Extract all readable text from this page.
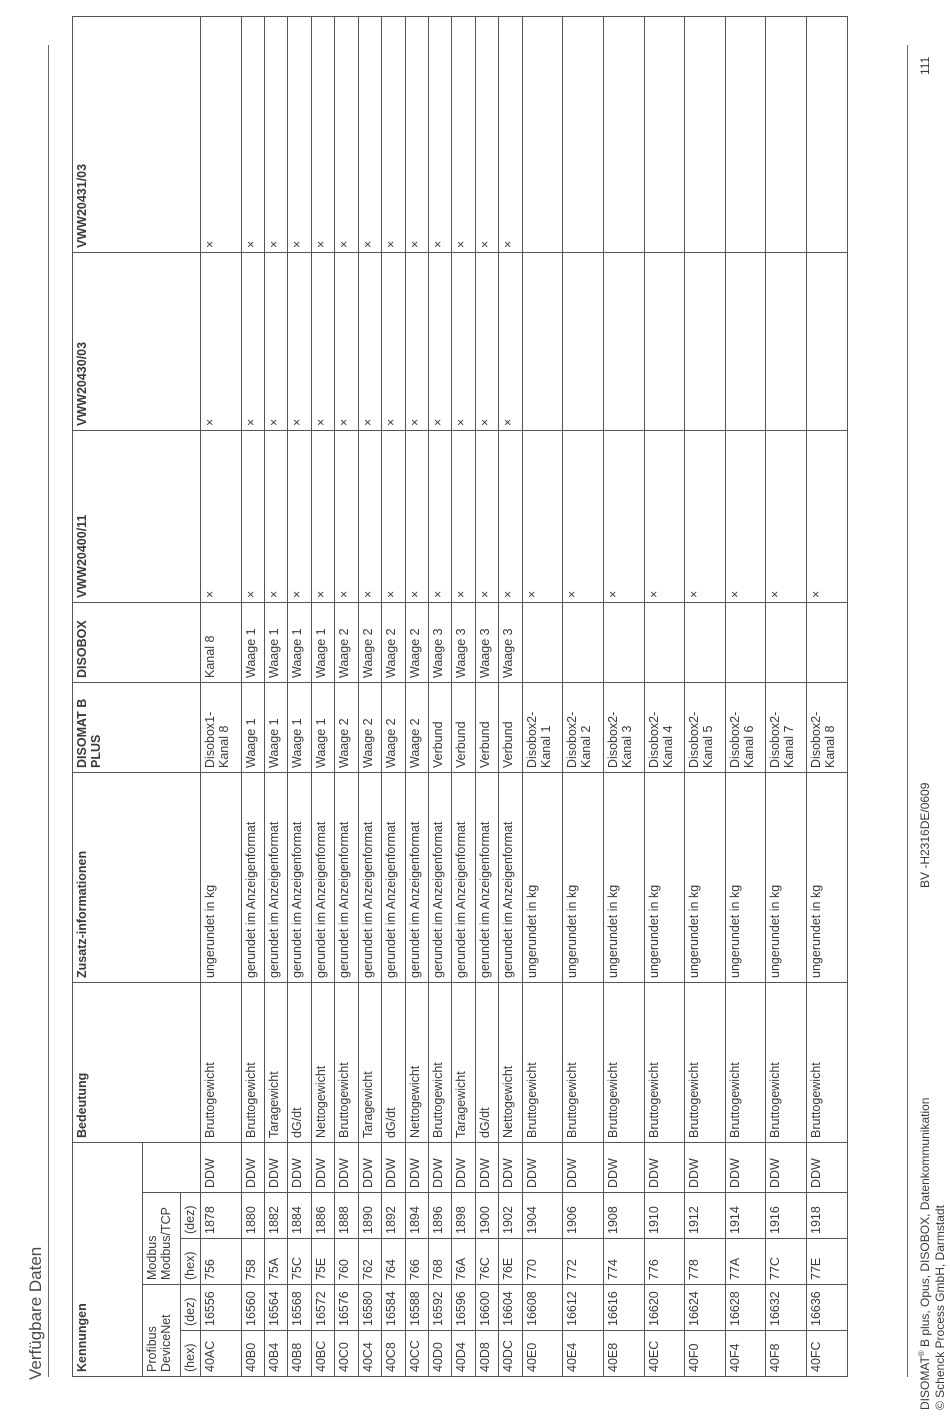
Verfügbare Daten Kennungen					Bedeutung	Zusatz-informationen	DISOMAT B PLUS	DISOBOX	VWW20400/11	VWW20430/03	VWW20431/03
Profibus DeviceNet		Modbus Modbus/TCP									
(hex)	(dez)	(hex)	(dez)								
40AC	16556	756	1878	DDW	Bruttogewicht	ungerundet in kg	Disobox1-Kanal 8	Kanal 8	×	×	×
40B0	16560	758	1880	DDW	Bruttogewicht	gerundet im Anzeigenformat	Waage 1	Waage 1	×	×	×
40B4	16564	75A	1882	DDW	Taragewicht	gerundet im Anzeigenformat	Waage 1	Waage 1	×	×	×
40B8	16568	75C	1884	DDW	dG/dt	gerundet im Anzeigenformat	Waage 1	Waage 1	×	×	×
40BC	16572	75E	1886	DDW	Nettogewicht	gerundet im Anzeigenformat	Waage 1	Waage 1	×	×	×
40C0	16576	760	1888	DDW	Bruttogewicht	gerundet im Anzeigenformat	Waage 2	Waage 2	×	×	×
40C4	16580	762	1890	DDW	Taragewicht	gerundet im Anzeigenformat	Waage 2	Waage 2	×	×	×
40C8	16584	764	1892	DDW	dG/dt	gerundet im Anzeigenformat	Waage 2	Waage 2	×	×	×
40CC	16588	766	1894	DDW	Nettogewicht	gerundet im Anzeigenformat	Waage 2	Waage 2	×	×	×
40D0	16592	768	1896	DDW	Bruttogewicht	gerundet im Anzeigenformat	Verbund	Waage 3	×	×	×
40D4	16596	76A	1898	DDW	Taragewicht	gerundet im Anzeigenformat	Verbund	Waage 3	×	×	×
40D8	16600	76C	1900	DDW	dG/dt	gerundet im Anzeigenformat	Verbund	Waage 3	×	×	×
40DC	16604	76E	1902	DDW	Nettogewicht	gerundet im Anzeigenformat	Verbund	Waage 3	×	×	×
40E0	16608	770	1904	DDW	Bruttogewicht	ungerundet in kg	Disobox2-Kanal 1		×		
40E4	16612	772	1906	DDW	Bruttogewicht	ungerundet in kg	Disobox2-Kanal 2		×		
40E8	16616	774	1908	DDW	Bruttogewicht	ungerundet in kg	Disobox2-Kanal 3		×		
40EC	16620	776	1910	DDW	Bruttogewicht	ungerundet in kg	Disobox2-Kanal 4		×		
40F0	16624	778	1912	DDW	Bruttogewicht	ungerundet in kg	Disobox2-Kanal 5		×		
40F4	16628	77A	1914	DDW	Bruttogewicht	ungerundet in kg	Disobox2-Kanal 6		×		
40F8	16632	77C	1916	DDW	Bruttogewicht	ungerundet in kg	Disobox2-Kanal 7		×		
40FC	16636	77E	1918	DDW	Bruttogewicht	ungerundet in kg	Disobox2-Kanal 8		×		
DISOMAT® B plus, Opus, DISOBOX, Datenkommunikation © Schenck Process GmbH, Darmstadt
BV -H2316DE/0609
111
